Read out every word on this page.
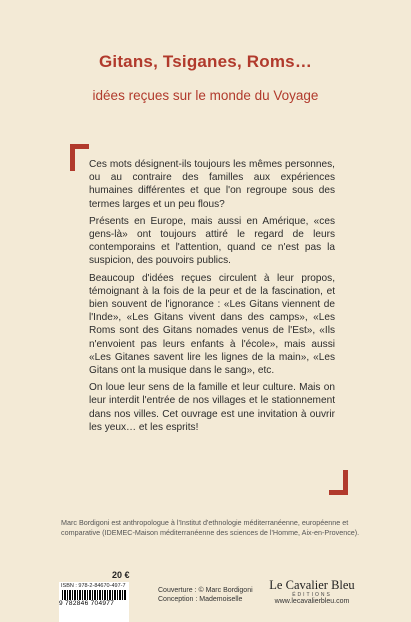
Gitans, Tsiganes, Roms…
idées reçues sur le monde du Voyage

Ces mots désignent-ils toujours les mêmes personnes, ou au contraire des familles aux expériences humaines différentes et que l'on regroupe sous des termes larges et un peu flous?

Présents en Europe, mais aussi en Amérique, «ces gens-là» ont toujours attiré le regard de leurs contemporains et l'attention, quand ce n'est pas la suspicion, des pouvoirs publics.

Beaucoup d'idées reçues circulent à leur propos, témoignant à la fois de la peur et de la fascination, et bien souvent de l'ignorance : «Les Gitans viennent de l'Inde», «Les Gitans vivent dans des camps», «Les Roms sont des Gitans nomades venus de l'Est», «Ils n'envoient pas leurs enfants à l'école», mais aussi «Les Gitanes savent lire les lignes de la main», «Les Gitans ont la musique dans le sang», etc.

On loue leur sens de la famille et leur culture. Mais on leur interdit l'entrée de nos villages et le stationnement dans nos villes. Cet ouvrage est une invitation à ouvrir les yeux… et les esprits!

Marc Bordigoni est anthropologue à l'Institut d'ethnologie méditerranéenne, européenne et comparative (IDEMEC-Maison méditerranéenne des sciences de l'Homme, Aix-en-Provence).
20 €
ISBN : 978-2-84670-497-7
9 782846 704977
Couverture : © Marc Bordigoni
Conception : Mademoiselle
Le Cavalier Bleu
ÉDITIONS
www.lecavalierbleu.com
